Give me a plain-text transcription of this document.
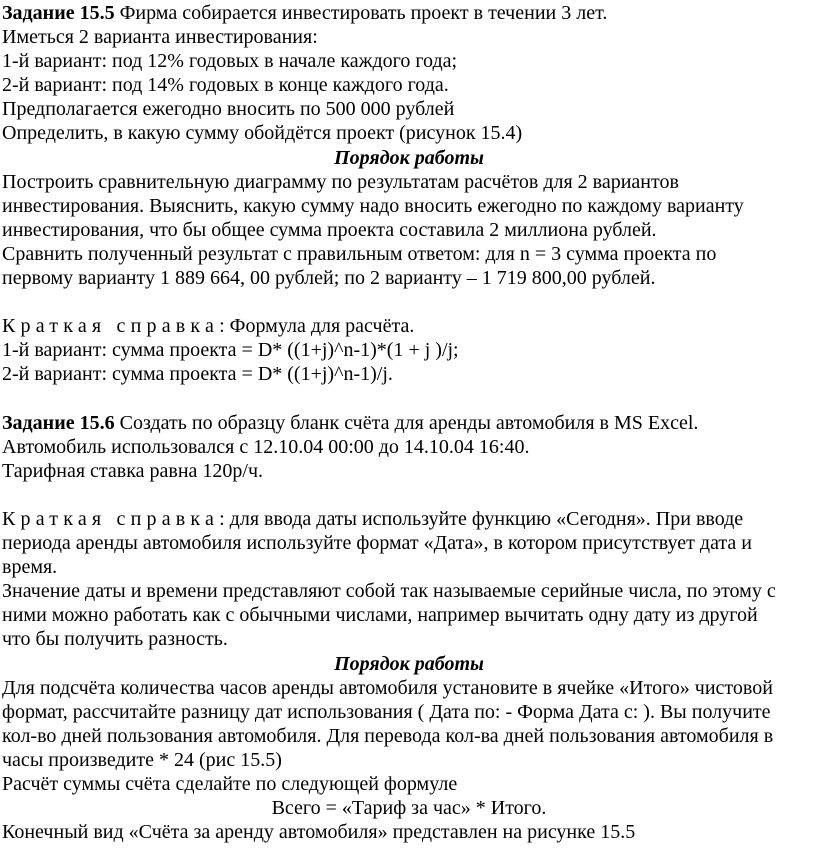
Задание 15.5 Фирма собирается инвестировать проект в течении 3 лет.

Иметься 2 варианта инвестирования:

1-й вариант: под 12% годовых в начале каждого года;

2-й вариант: под 14% годовых в конце каждого года.

Предполагается ежегодно вносить по 500 000 рублей

Определить, в какую сумму обойдётся проект (рисунок 15.4)

Порядок работы

Построить сравнительную диаграмму по результатам расчётов для 2 вариантов

инвестирования. Выяснить, какую сумму надо вносить ежегодно по каждому варианту

инвестирования, что бы общее сумма проекта составила 2 миллиона рублей.

Сравнить полученный результат с правильным ответом: для n = 3 сумма проекта по

первому варианту 1 889 664, 00 рублей; по 2 варианту – 1 719 800,00 рублей.

Краткая справка: Формула для расчёта.

1-й вариант: сумма проекта = D* ((1+j)^n-1)*(1 + j )/j;

2-й вариант: сумма проекта = D* ((1+j)^n-1)/j.

Задание 15.6 Создать по образцу бланк счёта для аренды автомобиля в MS Excel.

Автомобиль использовался с 12.10.04 00:00 до 14.10.04 16:40.

Тарифная ставка равна 120р/ч.

Краткая справка: для ввода даты используйте функцию «Сегодня». При вводе

периода аренды автомобиля используйте формат «Дата», в котором присутствует дата и

время.

Значение даты и времени представляют собой так называемые серийные числа, по этому с

ними можно работать как с обычными числами, например вычитать одну дату из другой

что бы получить разность.

Порядок работы

Для подсчёта количества часов аренды автомобиля установите в ячейке «Итого» чистовой

формат, рассчитайте разницу дат использования ( Дата по: - Форма Дата с: ). Вы получите

кол-во дней пользования автомобиля. Для перевода кол-ва дней пользования автомобиля в

часы произведите * 24 (рис 15.5)

Расчёт суммы счёта сделайте по следующей формуле

Всего = «Тариф за час» * Итого.

Конечный вид «Счёта за аренду автомобиля» представлен на рисунке 15.5
